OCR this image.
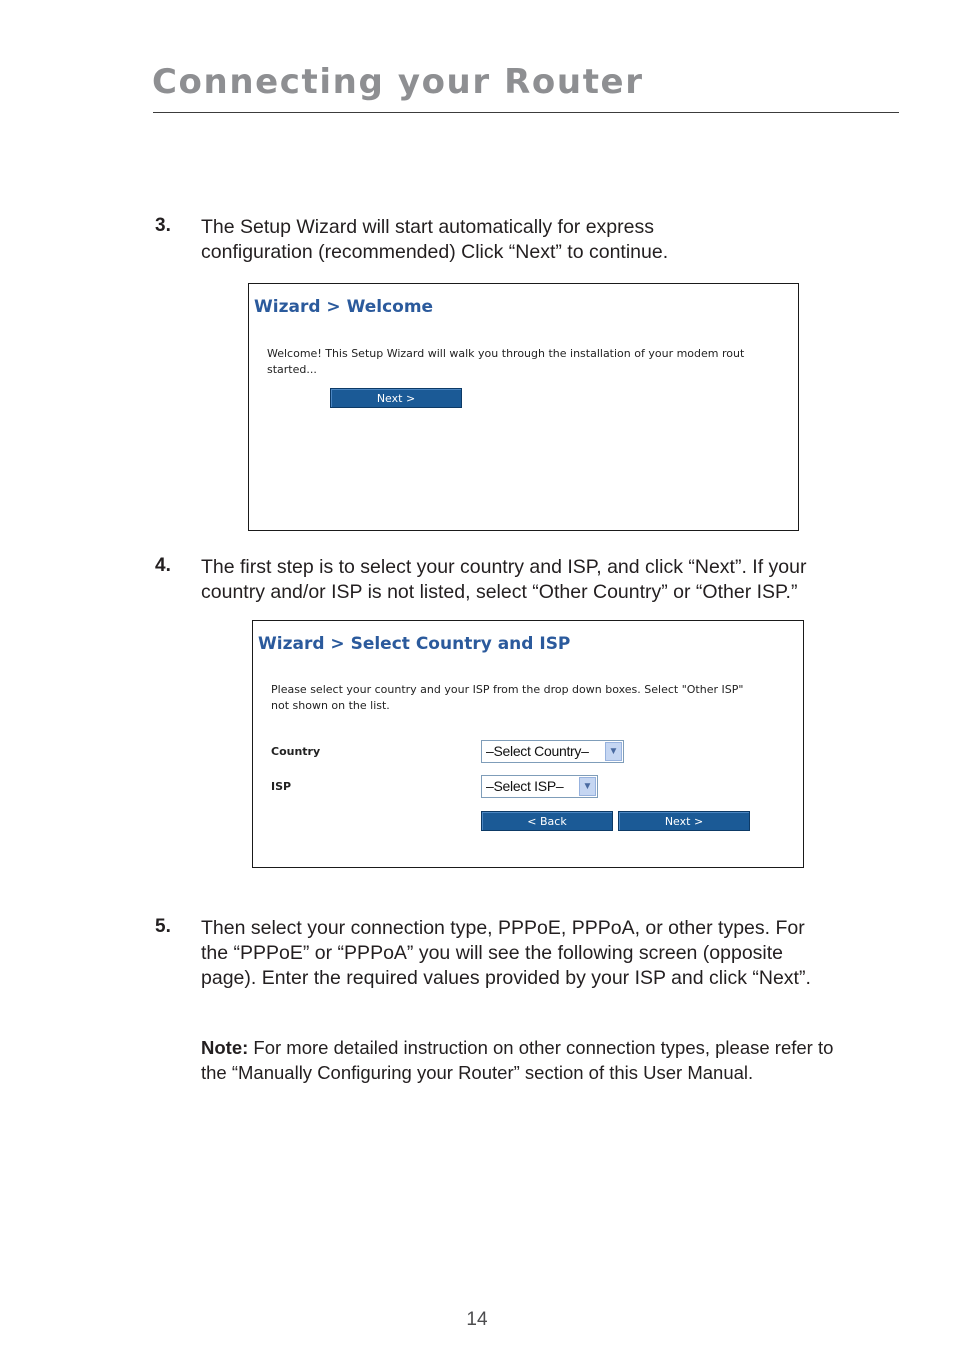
Connecting your Router
3. The Setup Wizard will start automatically for express
configuration (recommended) Click “Next” to continue.
Wizard > Welcome
Welcome! This Setup Wizard will walk you through the installation of your modem rout
started...
Next >
4. The first step is to select your country and ISP, and click “Next”. If your
country and/or ISP is not listed, select “Other Country” or “Other ISP.”
Wizard > Select Country and ISP
Please select your country and your ISP from the drop down boxes. Select "Other ISP"
not shown on the list.
Country	–Select Country–	▼
ISP	–Select ISP–	▼
< Back	Next >
5. Then select your connection type, PPPoE, PPPoA, or other types. For
the “PPPoE” or “PPPoA” you will see the following screen (opposite
page). Enter the required values provided by your ISP and click “Next”.
Note: For more detailed instruction on other connection types, please refer to
the “Manually Configuring your Router” section of this User Manual.
14
